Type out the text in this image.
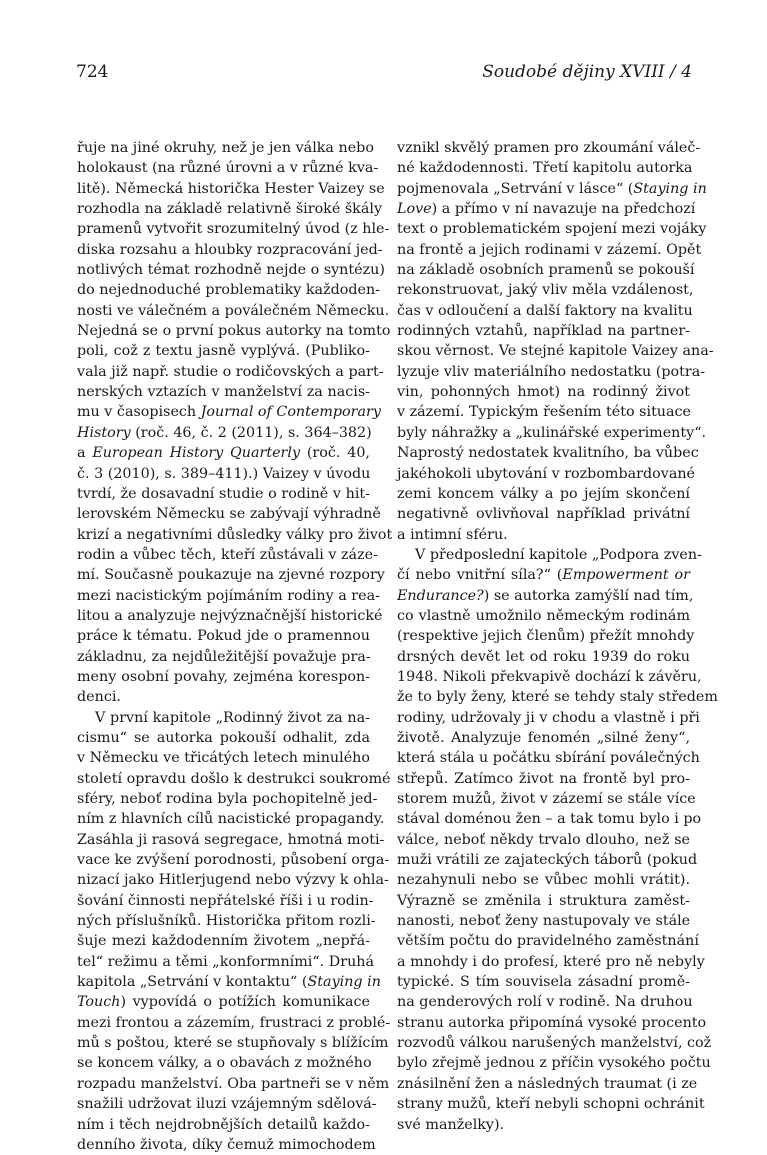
724	Soudobé dějiny XVIII / 4

řuje na jiné okruhy, než je jen válka nebo
holokaust (na různé úrovni a v různé kva-
litě). Německá historička Hester Vaizey se
rozhodla na základě relativně široké škály
pramenů vytvořit srozumitelný úvod (z hle-
diska rozsahu a hloubky rozpracování jed-
notlivých témat rozhodně nejde o syntézu)
do nejednoduché problematiky každoden-
nosti ve válečném a poválečném Německu.
Nejedná se o první pokus autorky na tomto
poli, což z textu jasně vyplývá. (Publiko-
vala již např. studie o rodičovských a part-
nerských vztazích v manželství za nacis-
mu v časopisech Journal of Contemporary
History (roč. 46, č. 2 (2011), s. 364–382)
a European History Quarterly (roč. 40,
č. 3 (2010), s. 389–411).) Vaizey v úvodu
tvrdí, že dosavadní studie o rodině v hit-
lerovském Německu se zabývají výhradně
krizí a negativními důsledky války pro život
rodin a vůbec těch, kteří zůstávali v záze-
mí. Současně poukazuje na zjevné rozpory
mezi nacistickým pojímáním rodiny a rea-
litou a analyzuje nejvýznačnější historické
práce k tématu. Pokud jde o pramennou
základnu, za nejdůležitější považuje pra-
meny osobní povahy, zejména korespon-
denci.

V první kapitole „Rodinný život za na-
cismu“ se autorka pokouší odhalit, zda
v Německu ve třicátých letech minulého
století opravdu došlo k destrukci soukromé
sféry, neboť rodina byla pochopitelně jed-
ním z hlavních cílů nacistické propagandy.
Zasáhla ji rasová segregace, hmotná moti-
vace ke zvýšení porodnosti, působení orga-
nizací jako Hitlerjugend nebo výzvy k ohla-
šování činnosti nepřátelské říši i u rodin-
ných příslušníků. Historička přitom rozli-
šuje mezi každodenním životem „nepřá-
tel“ režimu a těmi „konformními“. Druhá
kapitola „Setrvání v kontaktu“ (Staying in
Touch) vypovídá o potížích komunikace
mezi frontou a zázemím, frustraci z problé-
mů s poštou, které se stupňovaly s blížícím
se koncem války, a o obavách z možného
rozpadu manželství. Oba partneři se v něm
snažili udržovat iluzi vzájemným sdělová-
ním i těch nejdrobnějších detailů každo-
denního života, díky čemuž mimochodem

vznikl skvělý pramen pro zkoumání váleč-
né každodennosti. Třetí kapitolu autorka
pojmenovala „Setrvání v lásce“ (Staying in
Love) a přímo v ní navazuje na předchozí
text o problematickém spojení mezi vojáky
na frontě a jejich rodinami v zázemí. Opět
na základě osobních pramenů se pokouší
rekonstruovat, jaký vliv měla vzdálenost,
čas v odloučení a další faktory na kvalitu
rodinných vztahů, například na partner-
skou věrnost. Ve stejné kapitole Vaizey ana-
lyzuje vliv materiálního nedostatku (potra-
vin, pohonných hmot) na rodinný život
v zázemí. Typickým řešením této situace
byly náhražky a „kulinářské experimenty“.
Naprostý nedostatek kvalitního, ba vůbec
jakéhokoli ubytování v rozbombardované
zemi koncem války a po jejím skončení
negativně ovlivňoval například privátní
a intimní sféru.

V předposlední kapitole „Podpora zven-
čí nebo vnitřní síla?“ (Empowerment or
Endurance?) se autorka zamýšlí nad tím,
co vlastně umožnilo německým rodinám
(respektive jejich členům) přežít mnohdy
drsných devět let od roku 1939 do roku
1948. Nikoli překvapivě dochází k závěru,
že to byly ženy, které se tehdy staly středem
rodiny, udržovaly ji v chodu a vlastně i při
životě. Analyzuje fenomén „silné ženy“,
která stála u počátku sbírání poválečných
střepů. Zatímco život na frontě byl pro-
storem mužů, život v zázemí se stále více
stával doménou žen – a tak tomu bylo i po
válce, neboť někdy trvalo dlouho, než se
muži vrátili ze zajateckých táborů (pokud
nezahynuli nebo se vůbec mohli vrátit).
Výrazně se změnila i struktura zaměst-
nanosti, neboť ženy nastupovaly ve stále
větším počtu do pravidelného zaměstnání
a mnohdy i do profesí, které pro ně nebyly
typické. S tím souvisela zásadní promě-
na genderových rolí v rodině. Na druhou
stranu autorka připomíná vysoké procento
rozvodů válkou narušených manželství, což
bylo zřejmě jednou z příčin vysokého počtu
znásilnění žen a následných traumat (i ze
strany mužů, kteří nebyli schopni ochránit
své manželky).
